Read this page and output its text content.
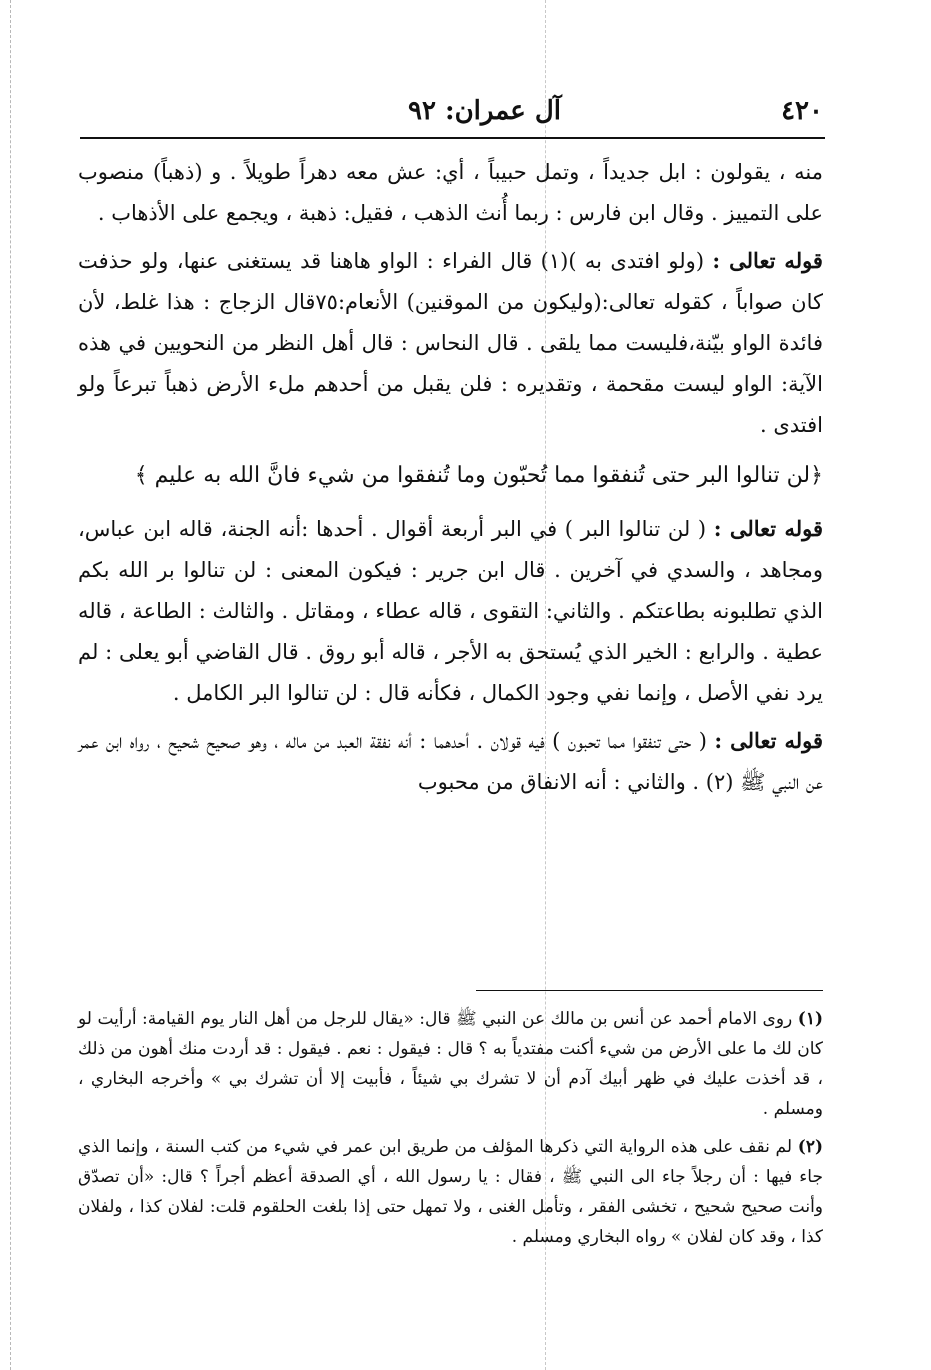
٤٢٠
آل عمران: ٩٢

منه ، يقولون : ابل جديداً ، وتمل حبيباً ، أي: عش معه دهراً طويلاً . و (ذهباً) منصوب على التمييز . وقال ابن فارس : ربما أُنث الذهب ، فقيل: ذهبة ، ويجمع على الأذهاب .

قوله تعالى : (ولو افتدى به )(١) قال الفراء : الواو هاهنا قد يستغنى عنها، ولو حذفت كان صواباً ، كقوله تعالى:(وليكون من الموقنين) الأنعام:٧٥قال الزجاج : هذا غلط، لأن فائدة الواو بيّنة،فليست مما يلقى . قال النحاس : قال أهل النظر من النحويين في هذه الآية: الواو ليست مقحمة ، وتقديره : فلن يقبل من أحدهم ملء الأرض ذهباً تبرعاً ولو افتدى .

﴿لن تنالوا البر حتى تُنفقوا مما تُحبّون وما تُنفقوا من شيء فانَّ الله به عليم ﴾

قوله تعالى : ( لن تنالوا البر ) في البر أربعة أقوال . أحدها :أنه الجنة، قاله ابن عباس، ومجاهد ، والسدي في آخرين . قال ابن جرير : فيكون المعنى : لن تنالوا بر الله بكم الذي تطلبونه بطاعتكم . والثاني: التقوى ، قاله عطاء ، ومقاتل . والثالث : الطاعة ، قاله عطية . والرابع : الخير الذي يُستحق به الأجر ، قاله أبو روق . قال القاضي أبو يعلى : لم يرد نفي الأصل ، وإنما نفي وجود الكمال ، فكأنه قال : لن تنالوا البر الكامل .

قوله تعالى : ( حتى تنفقوا مما تحبون ) فيه قولان . أحدهما : أنه نفقة العبد من ماله ، وهو صحيح شحيح ، رواه ابن عمر عن النبي ﷺ (٢) . والثاني : أنه الانفاق من محبوب

(١) روى الامام أحمد عن أنس بن مالك عن النبي ﷺ قال: «يقال للرجل من أهل النار يوم القيامة: أرأيت لو كان لك ما على الأرض من شيء أكنت مفتدياً به ؟ قال : فيقول : نعم . فيقول : قد أردت منك أهون من ذلك ، قد أخذت عليك في ظهر أبيك آدم أن لا تشرك بي شيئاً ، فأبيت إلا أن تشرك بي » وأخرجه البخاري ، ومسلم .

(٢) لم نقف على هذه الرواية التي ذكرها المؤلف من طريق ابن عمر في شيء من كتب السنة ، وإنما الذي جاء فيها : أن رجلاً جاء الى النبي ﷺ ، فقال : يا رسول الله ، أي الصدقة أعظم أجراً ؟ قال: «أن تصدّق وأنت صحيح شحيح ، تخشى الفقر ، وتأمل الغنى ، ولا تمهل حتى إذا بلغت الحلقوم قلت: لفلان كذا ، ولفلان كذا ، وقد كان لفلان » رواه البخاري ومسلم .
